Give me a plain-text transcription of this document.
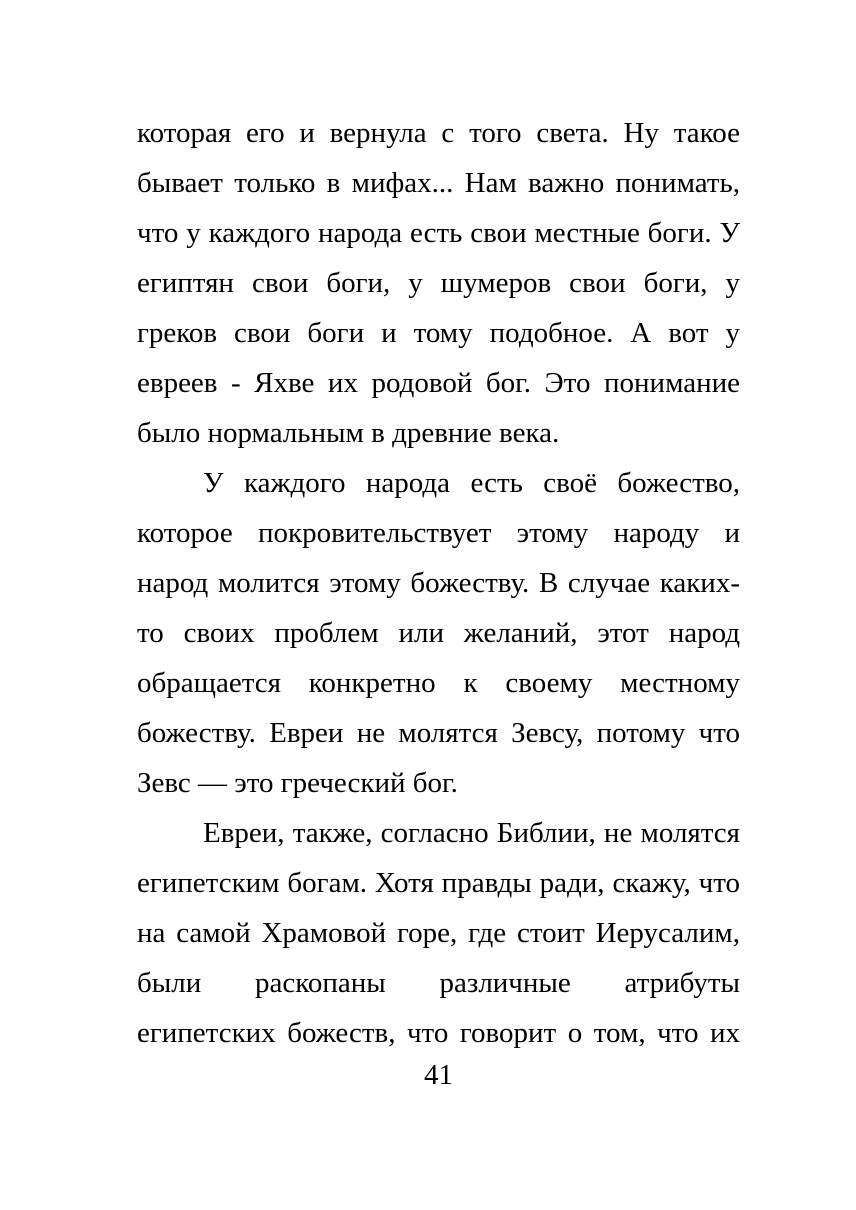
которая его и вернула с того света. Ну такое
бывает только в мифах... Нам важно понимать,
что у каждого народа есть свои местные боги. У
египтян свои боги, у шумеров свои боги, у
греков свои боги и тому подобное. А вот у
евреев - Яхве их родовой бог. Это понимание
было нормальным в древние века.
У каждого народа есть своё божество,
которое покровительствует этому народу и
народ молится этому божеству. В случае каких-
то своих проблем или желаний, этот народ
обращается конкретно к своему местному
божеству. Евреи не молятся Зевсу, потому что
Зевс — это греческий бог.
Евреи, также, согласно Библии, не молятся
египетским богам. Хотя правды ради, скажу, что
на самой Храмовой горе, где стоит Иерусалим,
были раскопаны различные атрибуты
египетских божеств, что говорит о том, что их
41
